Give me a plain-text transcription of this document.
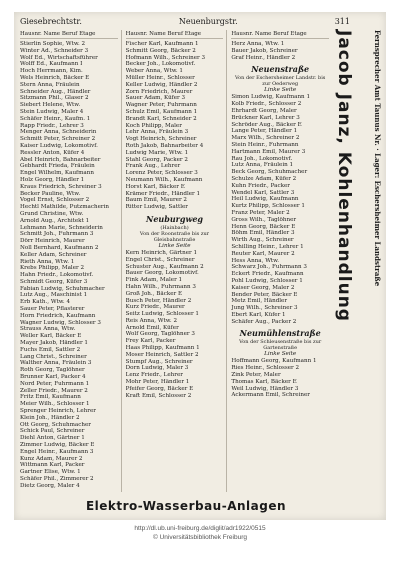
Giesebrechtstr.	Neuenburgstr.	311
Hausnr. Name Beruf Etage
Stierlin Sophie, Wtw. 2
Winter Ad., Schneider 3
Wolf Ed., Wirtschaftsführer
Wolff Ed., Kaufmann I
Hoch Herrmann, Kim.
Wels Heinrich, Bäcker E
Stern Anna, Fräulein
Schneider Aug., Händler
Sitzmann Phil., Glaser 2
Siebert Helene, Wtw.
Stein Ludwig, Maler 4
Schäfer Heinr., Kaufm. 1
Rapp Friedr., Lehrer 3
Menger Anna, Schneiderin
Schmitt Peter, Schreiner 2
Kaiser Ludwig, Lokomotivf.
Ressler Anton, Küfer 4
Abel Heinrich, Bahnarbeiter
Gebhardt Frieda, Fräulein
Engel Wilhelm, Kaufmann
Holz Georg, Händler 1
Kraus Friedrich, Schreiner 3
Becker Pauline, Wtw.
Vogel Ernst, Schlosser 2
Hechtl Mathilde, Putzmacherin
Grund Christine, Wtw.
Arnold Aug., Architekt 1
Lehmann Marie, Schneiderin
Schmitt Joh., Fuhrmann 3
Dörr Heinrich, Maurer
Noll Bernhard, Kaufmann 2
Keller Adam, Schreiner
Rieth Anna, Wtw. 1
Krebs Philipp, Maler 2
Hahn Friedr., Lokomotivf.
Schmidt Georg, Küfer 3
Fabian Ludwig, Schuhmacher
Lutz Aug., Maschinist 1
Erb Kath., Wtw. 4
Sauer Peter, Pflasterer
Horn Friedrich, Kaufmann
Wagner Ludwig, Schlosser 3
Strauss Anna, Wtw.
Weller Karl, Bäcker E
Mayer Jakob, Händler 1
Fuchs Emil, Sattler 2
Lang Christ., Schreiner
Walther Anna, Fräulein 3
Roth Georg, Taglöhner
Brunner Karl, Packer 4
Nord Peter, Fuhrmann 1
Zeller Friedr., Maurer 2
Fritz Emil, Kaufmann
Meier Wilh., Schlosser 1
Sprenger Heinrich, Lehrer
Klein Joh., Händler 2
Ott Georg, Schuhmacher
Schick Paul, Schreiner
Diehl Anton, Gärtner 1
Zimmer Ludwig, Bäcker E
Engel Heinr., Kaufmann 3
Kunz Adam, Maurer 2
Wittmann Karl, Packer
Gartner Elise, Wtw. 1
Schäfer Phil., Zimmerer 2
Dietz Georg, Maler 4
Hausnr. Name Beruf Etage
Fischer Karl, Kaufmann 1
Schmitt Georg, Bäcker 2
Hofmann Wilh., Schreiner 3
Becker Joh., Lokomotivf.
Weber Anna, Wtw. 1
Müller Heinr., Schlosser
Keller Ludwig, Händler 2
Zorn Friedrich, Maurer
Sauer Adam, Küfer 3
Wagner Peter, Fuhrmann
Schulz Emil, Kaufmann 1
Brandt Karl, Schneider 2
Koch Philipp, Maler
Lehr Anna, Fräulein 3
Vogt Heinrich, Schreiner
Roth Jakob, Bahnarbeiter 4
Ludwig Marie, Wtw. 1
Stahl Georg, Packer 2
Frank Aug., Lehrer
Lorenz Peter, Schlosser 3
Neumann Wilh., Kaufmann
Horst Karl, Bäcker E
Krämer Friedr., Händler 1
Baum Emil, Maurer 2
Ritter Ludwig, Sattler
Neuburgweg
(Hainbach)
Von der Roonstraße bis zur Gleisbahnstraße
Linke Seite
Kern Heinrich, Gärtner 1
Engel Christ., Schreiner
Schuster Aug., Kaufmann 2
Bauer Georg, Lokomotivf.
Fink Adam, Maler 1
Hahn Wilh., Fuhrmann 3
Groß Joh., Bäcker E
Busch Peter, Händler 2
Kurz Friedr., Maurer
Seitz Ludwig, Schlosser 1
Reis Anna, Wtw. 2
Arnold Emil, Küfer
Wolf Georg, Taglöhner 3
Frey Karl, Packer
Haas Philipp, Kaufmann 1
Moser Heinrich, Sattler 2
Stumpf Aug., Schreiner
Dorn Ludwig, Maler 3
Lenz Friedr., Lehrer
Mohr Peter, Händler 1
Pfeifer Georg, Bäcker E
Kraft Emil, Schlosser 2
Hausnr. Name Beruf Etage
Herz Anna, Wtw. 1
Bauer Jakob, Schreiner
Graf Heinr., Händler 2
Neuenstraße
Von der Eschersheimer Landstr. bis zur Oederweg
Linke Seite
Simon Ludwig, Kaufmann 1
Kolb Friedr., Schlosser 2
Ehrhardt Georg, Maler
Brückner Karl, Lehrer 3
Schröder Aug., Bäcker E
Lange Peter, Händler 1
Marx Wilh., Schreiner 2
Stein Heinr., Fuhrmann
Hartmann Emil, Maurer 3
Rau Joh., Lokomotivf.
Lutz Anna, Fräulein 1
Beck Georg, Schuhmacher
Schulze Adam, Küfer 2
Kuhn Friedr., Packer
Wendel Karl, Sattler 3
Heil Ludwig, Kaufmann
Kurtz Philipp, Schlosser 1
Franz Peter, Maler 2
Gross Wilh., Taglöhner
Henn Georg, Bäcker E
Böhm Emil, Händler 3
Wirth Aug., Schreiner
Schilling Heinr., Lehrer 1
Reuter Karl, Maurer 2
Hess Anna, Wtw.
Schwarz Joh., Fuhrmann 3
Eckert Friedr., Kaufmann
Pohl Ludwig, Schlosser 1
Kaiser Georg, Maler 2
Bender Peter, Bäcker E
Metz Emil, Händler
Jung Wilh., Schreiner 3
Ebert Karl, Küfer 1
Schäfer Aug., Packer 2
Neumühlenstraße
Von der Schleusenstraße bis zur Gartenstraße
Linke Seite
Hoffmann Georg, Kaufmann 1
Ries Heinr., Schlosser 2
Zink Peter, Maler
Thomas Karl, Bäcker E
Weil Ludwig, Händler 3
Ackermann Emil, Schreiner
Jacob Janz, Kohlenhandlung	Fernsprecher Amt Taunus Nr. · Lager: Eschersheimer Landstraße
Elektro-Wasserbau-Anlagen
http://dl.ub.uni-freiburg.de/diglit/adr1922/0515
© Universitätsbibliothek Freiburg
